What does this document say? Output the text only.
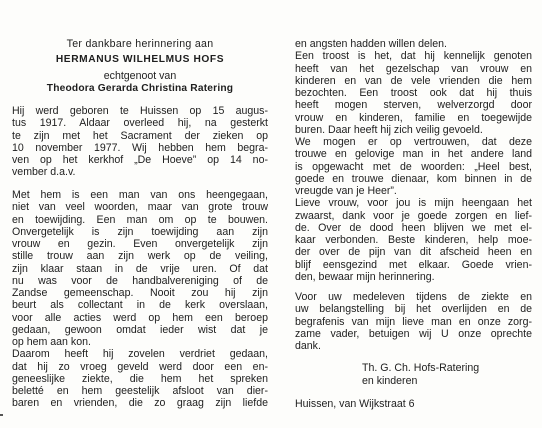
Ter dankbare herinnering aan
HERMANUS WILHELMUS HOFS
echtgenoot van
Theodora Gerarda Christina Ratering
Hij werd geboren te Huissen op 15 augus-
tus 1917. Aldaar overleed hij, na gesterkt
te zijn met het Sacrament der zieken op
10 november 1977. Wij hebben hem begra-
ven op het kerkhof „De Hoeve” op 14 no-
vember d.a.v.
Met hem is een man van ons heengegaan,
niet van veel woorden, maar van grote trouw
en toewijding. Een man om op te bouwen.
Onvergetelijk is zijn toewijding aan zijn
vrouw en gezin. Even onvergetelijk zijn
stille trouw aan zijn werk op de veiling,
zijn klaar staan in de vrije uren. Of dat
nu was voor de handbalvereniging of de
Zandse gemeenschap. Nooit zou hij zijn
beurt als collectant in de kerk overslaan,
voor alle acties werd op hem een beroep
gedaan, gewoon omdat ieder wist dat je
op hem aan kon.
Daarom heeft hij zovelen verdriet gedaan,
dat hij zo vroeg geveld werd door een en-
geneeslijke ziekte, die hem het spreken
beletté en hem geestelijk afsloot van dier-
baren en vrienden, die zo graag zijn liefde
en angsten hadden willen delen.
Een troost is het, dat hij kennelijk genoten
heeft van het gezelschap van vrouw en
kinderen en van de vele vrienden die hem
bezochten. Een troost ook dat hij thuis
heeft mogen sterven, welverzorgd door
vrouw en kinderen, familie en toegewijde
buren. Daar heeft hij zich veilig gevoeld.
We mogen er op vertrouwen, dat deze
trouwe en gelovige man in het andere land
is opgewacht met de woorden: „Heel best,
goede en trouwe dienaar, kom binnen in de
vreugde van je Heer”.
Lieve vrouw, voor jou is mijn heengaan het
zwaarst, dank voor je goede zorgen en lief-
de. Over de dood heen blijven we met el-
kaar verbonden. Beste kinderen, help moe-
der over de pijn van dit afscheid heen en
blijf eensgezind met elkaar. Goede vrien-
den, bewaar mijn herinnering.
Voor uw medeleven tijdens de ziekte en
uw belangstelling bij het overlijden en de
begrafenis van mijn lieve man en onze zorg-
zame vader, betuigen wij U onze oprechte
dank.
Th. G. Ch. Hofs-Ratering
en kinderen
Huissen, van Wijkstraat 6
